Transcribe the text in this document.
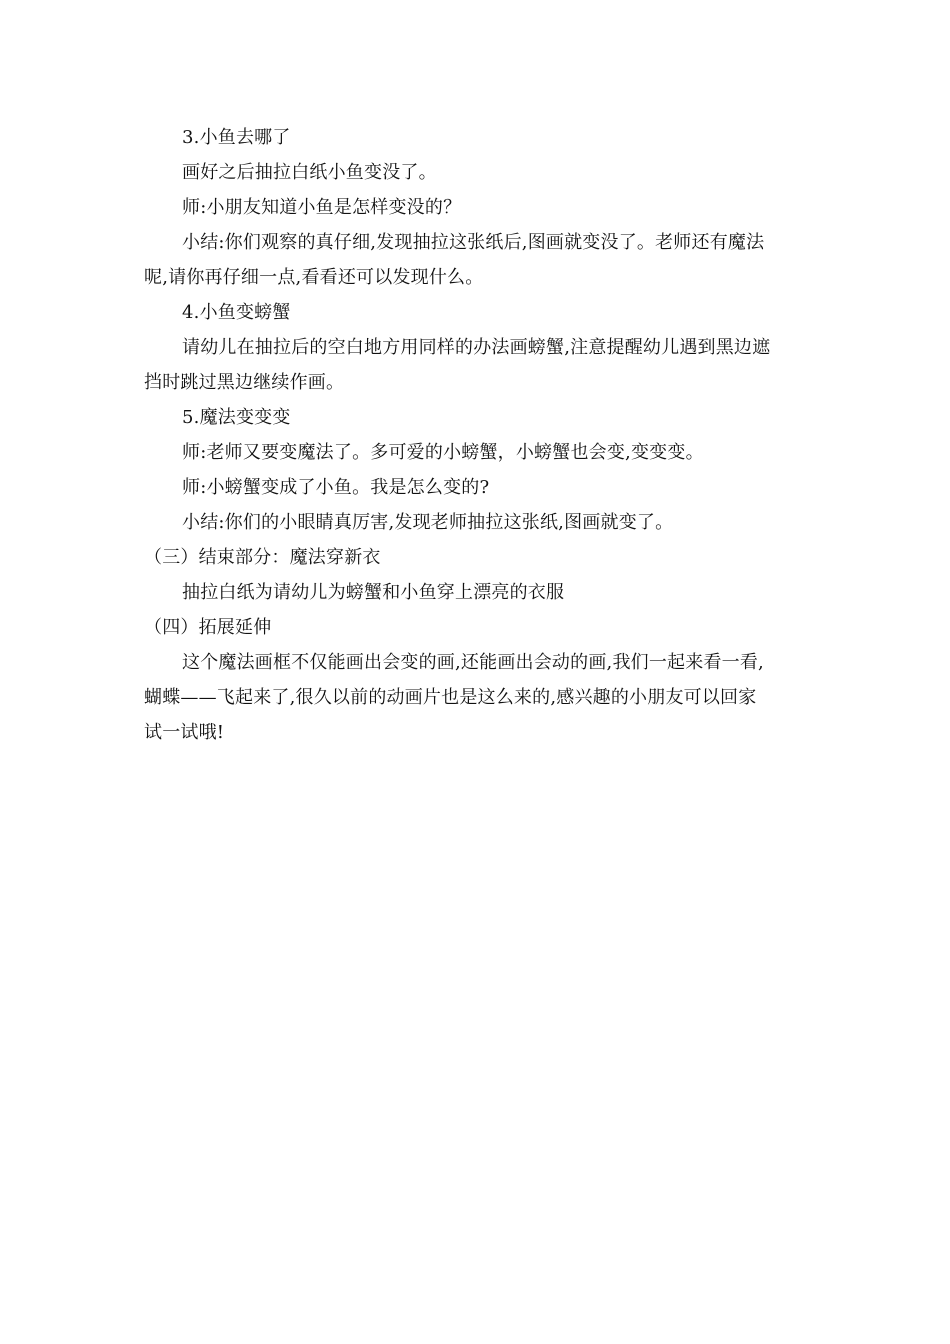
3.小鱼去哪了
画好之后抽拉白纸小鱼变没了。
师:小朋友知道小鱼是怎样变没的？
小结:你们观察的真仔细,发现抽拉这张纸后,图画就变没了。老师还有魔法
呢,请你再仔细一点,看看还可以发现什么。
4.小鱼变螃蟹
请幼儿在抽拉后的空白地方用同样的办法画螃蟹,注意提醒幼儿遇到黑边遮
挡时跳过黑边继续作画。
5.魔法变变变
师:老师又要变魔法了。多可爱的小螃蟹，小螃蟹也会变,变变变。
师:小螃蟹变成了小鱼。我是怎么变的?
小结:你们的小眼睛真厉害,发现老师抽拉这张纸,图画就变了。
（三）结束部分：魔法穿新衣
抽拉白纸为请幼儿为螃蟹和小鱼穿上漂亮的衣服
（四）拓展延伸
这个魔法画框不仅能画出会变的画,还能画出会动的画,我们一起来看一看,
蝴蝶——飞起来了,很久以前的动画片也是这么来的,感兴趣的小朋友可以回家
试一试哦!
